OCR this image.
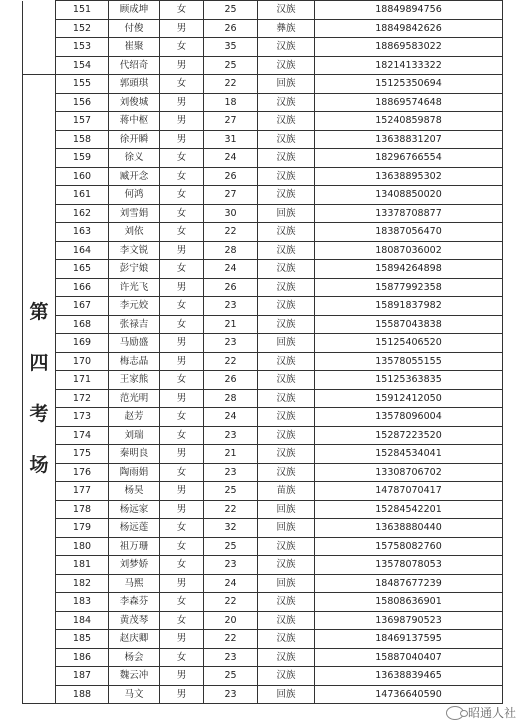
	151	顾成坤	女	25	汉族	18849894756
	152	付俊	男	26	彝族	18849842626
	153	崔聚	女	35	汉族	18869583022
	154	代绍奇	男	25	汉族	18214133322

第
四
考
场	155	郭頭琪	女	22	回族	15125350694
	156	刘俊城	男	18	汉族	18869574648
	157	蒋中枢	男	27	汉族	15240859878
	158	徐开瞬	男	31	汉族	13638831207
	159	徐义	女	24	汉族	18296766554
	160	臧开念	女	26	汉族	13638895302
	161	何鸿	女	27	汉族	13408850020
	162	刘雪娟	女	30	回族	13378708877
	163	刘依	女	22	汉族	18387056470
	164	李文锐	男	28	汉族	18087036002
	165	彭宁娘	女	24	汉族	15894264898
	166	许光飞	男	26	汉族	15877992358
	167	李元姣	女	23	汉族	15891837982
	168	张禄吉	女	21	汉族	15587043838
	169	马励盛	男	23	回族	15125406520
	170	梅志晶	男	22	汉族	13578055155
	171	王家熊	女	26	汉族	15125363835
	172	范光明	男	28	汉族	15912412050
	173	赵芳	女	24	汉族	13578096004
	174	刘瑞	女	23	汉族	15287223520
	175	秦明良	男	21	汉族	15284534041
	176	陶雨娟	女	23	汉族	13308706702
	177	杨昊	男	25	苗族	14787070417
	178	杨远家	男	22	回族	15284542201
	179	杨远莲	女	32	回族	13638880440
	180	祖万珊	女	25	汉族	15758082760
	181	刘梦娇	女	23	汉族	13578078053
	182	马熙	男	24	回族	18487677239
	183	李森芬	女	22	汉族	15808636901
	184	黄茂琴	女	20	汉族	13698790523
	185	赵庆卿	男	22	汉族	18469137595
	186	杨会	女	23	汉族	15887040407
	187	魏云冲	男	25	汉族	13638839465
	188	马文	男	23	回族	14736640590
昭通人社
